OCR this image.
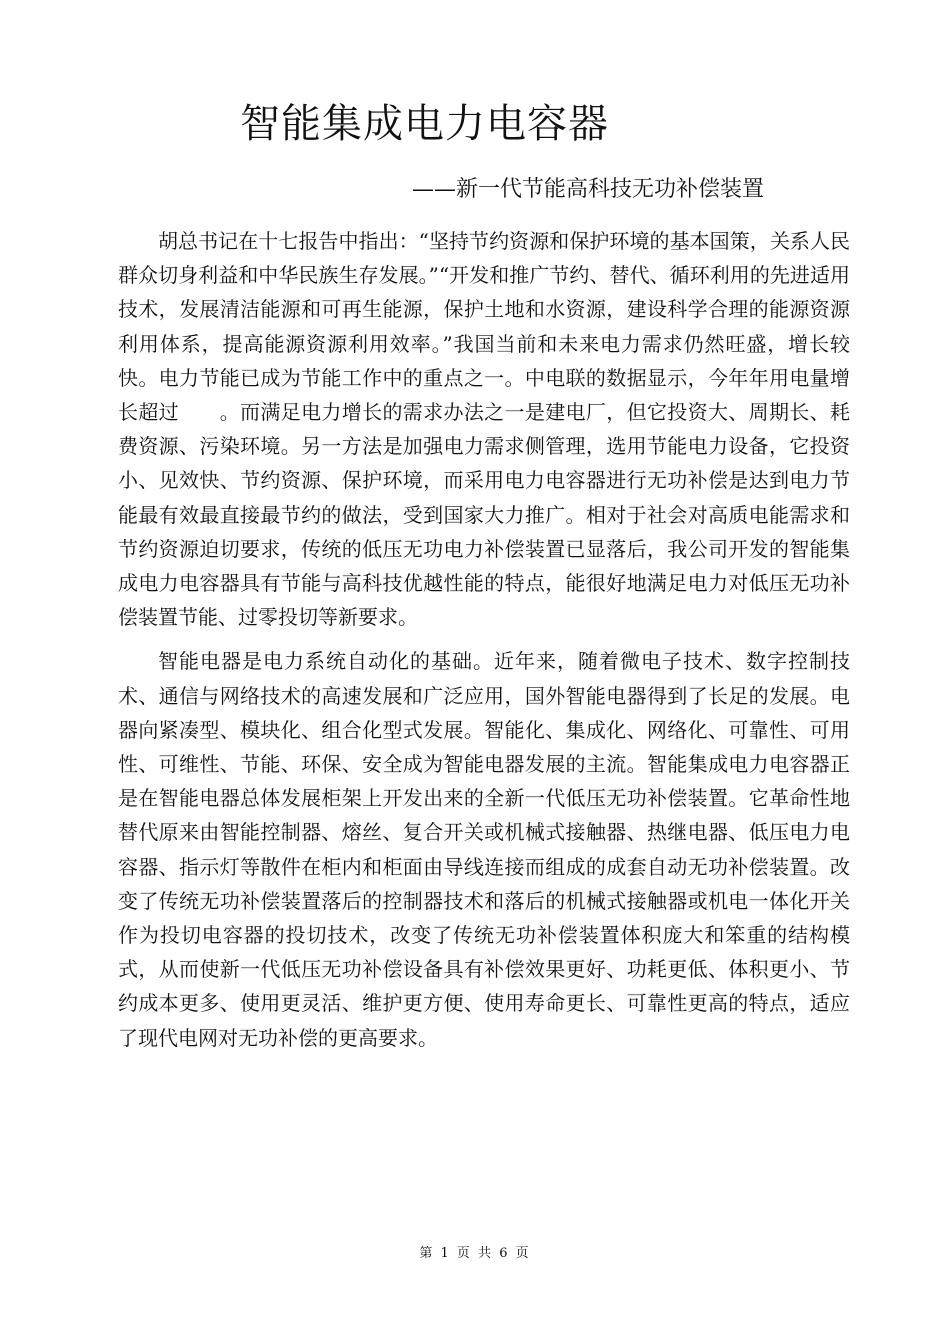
智能集成电力电容器
——新一代节能高科技无功补偿装置

胡总书记在十七报告中指出：“坚持节约资源和保护环境的基本国策，关系人民群众切身利益和中华民族生存发展。”“开发和推广节约、替代、循环利用的先进适用技术，发展清洁能源和可再生能源，保护土地和水资源，建设科学合理的能源资源利用体系，提高能源资源利用效率。”我国当前和未来电力需求仍然旺盛，增长较快。电力节能已成为节能工作中的重点之一。中电联的数据显示，今年年用电量增长超过　　。而满足电力增长的需求办法之一是建电厂，但它投资大、周期长、耗费资源、污染环境。另一方法是加强电力需求侧管理，选用节能电力设备，它投资小、见效快、节约资源、保护环境，而采用电力电容器进行无功补偿是达到电力节能最有效最直接最节约的做法，受到国家大力推广。相对于社会对高质电能需求和节约资源迫切要求，传统的低压无功电力补偿装置已显落后，我公司开发的智能集成电力电容器具有节能与高科技优越性能的特点，能很好地满足电力对低压无功补偿装置节能、过零投切等新要求。

智能电器是电力系统自动化的基础。近年来，随着微电子技术、数字控制技术、通信与网络技术的高速发展和广泛应用，国外智能电器得到了长足的发展。电器向紧凑型、模块化、组合化型式发展。智能化、集成化、网络化、可靠性、可用性、可维性、节能、环保、安全成为智能电器发展的主流。智能集成电力电容器正是在智能电器总体发展柜架上开发出来的全新一代低压无功补偿装置。它革命性地替代原来由智能控制器、熔丝、复合开关或机械式接触器、热继电器、低压电力电容器、指示灯等散件在柜内和柜面由导线连接而组成的成套自动无功补偿装置。改变了传统无功补偿装置落后的控制器技术和落后的机械式接触器或机电一体化开关作为投切电容器的投切技术，改变了传统无功补偿装置体积庞大和笨重的结构模式，从而使新一代低压无功补偿设备具有补偿效果更好、功耗更低、体积更小、节约成本更多、使用更灵活、维护更方便、使用寿命更长、可靠性更高的特点，适应了现代电网对无功补偿的更高要求。

第 1 页 共 6 页
